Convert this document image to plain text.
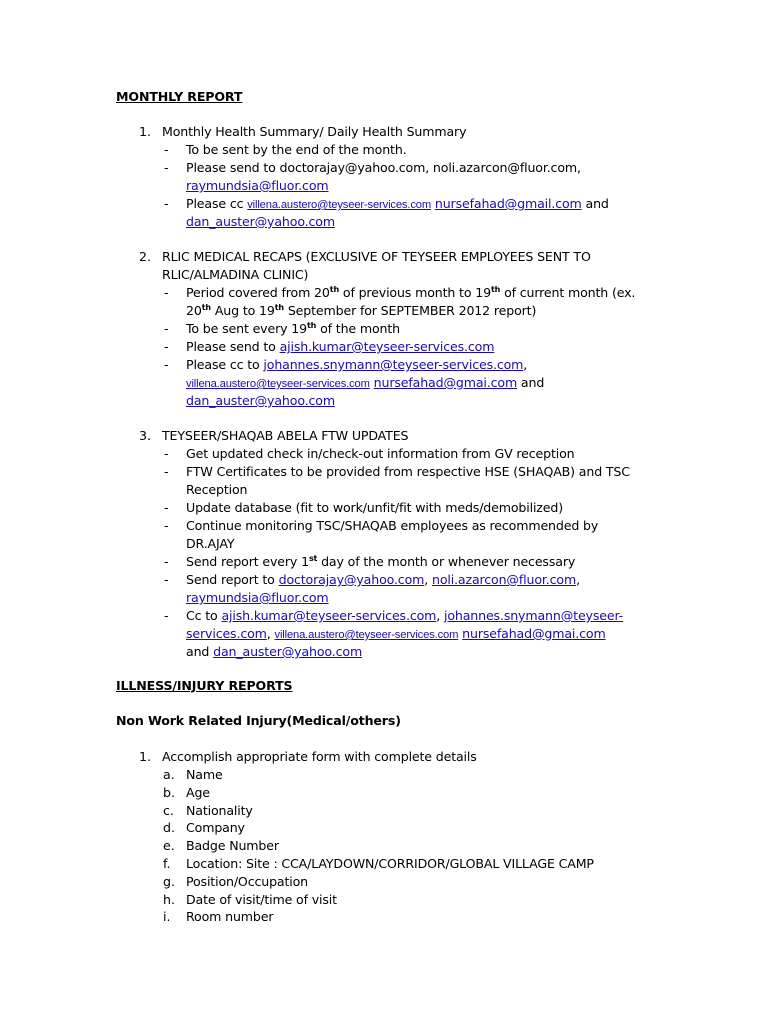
MONTHLY REPORT
1. Monthly Health Summary/ Daily Health Summary
- To be sent by the end of the month.
- Please send to doctorajay@yahoo.com, noli.azarcon@fluor.com,
raymundsia@fluor.com
- Please cc villena.austero@teyseer-services.com nursefahad@gmail.com and
dan_auster@yahoo.com
2. RLIC MEDICAL RECAPS (EXCLUSIVE OF TEYSEER EMPLOYEES SENT TO
RLIC/ALMADINA CLINIC)
- Period covered from 20th of previous month to 19th of current month (ex.
20th Aug to 19th September for SEPTEMBER 2012 report)
- To be sent every 19th of the month
- Please send to ajish.kumar@teyseer-services.com
- Please cc to johannes.snymann@teyseer-services.com,
villena.austero@teyseer-services.com nursefahad@gmai.com and
dan_auster@yahoo.com
3. TEYSEER/SHAQAB ABELA FTW UPDATES
- Get updated check in/check-out information from GV reception
- FTW Certificates to be provided from respective HSE (SHAQAB) and TSC
Reception
- Update database (fit to work/unfit/fit with meds/demobilized)
- Continue monitoring TSC/SHAQAB employees as recommended by
DR.AJAY
- Send report every 1st day of the month or whenever necessary
- Send report to doctorajay@yahoo.com, noli.azarcon@fluor.com,
raymundsia@fluor.com
- Cc to ajish.kumar@teyseer-services.com, johannes.snymann@teyseer-
services.com, villena.austero@teyseer-services.com nursefahad@gmai.com
and dan_auster@yahoo.com
ILLNESS/INJURY REPORTS
Non Work Related Injury(Medical/others)
1. Accomplish appropriate form with complete details
a. Name
b. Age
c. Nationality
d. Company
e. Badge Number
f. Location: Site : CCA/LAYDOWN/CORRIDOR/GLOBAL VILLAGE CAMP
g. Position/Occupation
h. Date of visit/time of visit
i. Room number
